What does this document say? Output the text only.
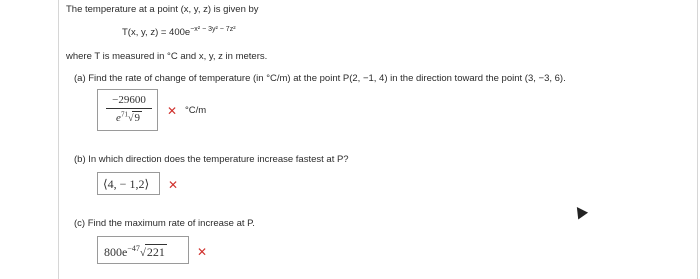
The temperature at a point (x, y, z) is given by
T(x, y, $z) = 400e^{-x^2 - 3y^2 - 7z^2}$
where T is measured in °C and x, y, z in meters.
(a) Find the rate of change of temperature (in °C/m) at the point P(2, −1, 4) in the direction toward the point (3, −3, 6).
$\frac{-29600}{e^{71}√9}$ ✕ °C/m
(b) In which direction does the temperature increase fastest at P?
⟨4, − 1,2⟩	✕
(c) Find the maximum rate of increase at P.
$800e^{-47}√221$	✕
